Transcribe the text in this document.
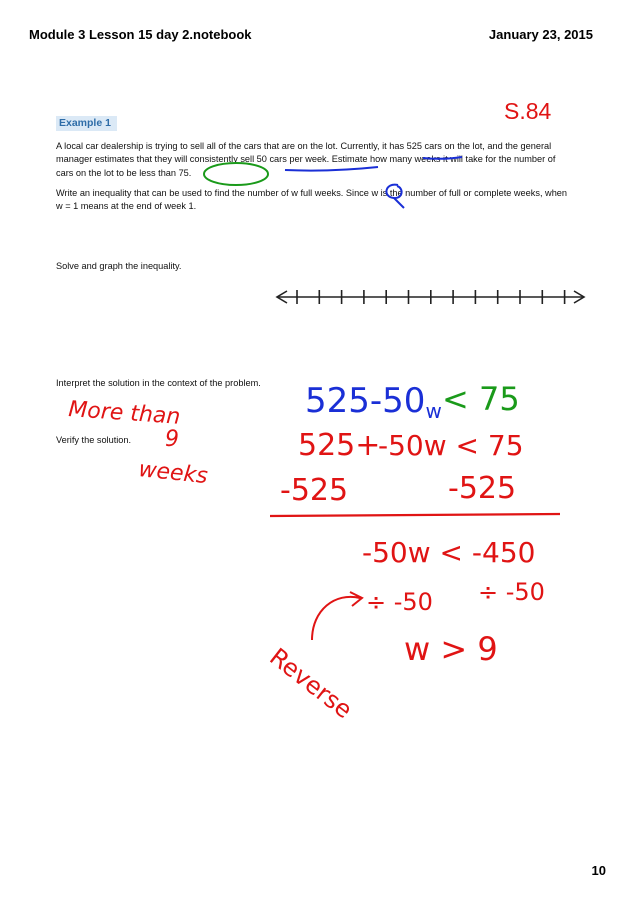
Module 3 Lesson 15 day 2.notebook	January 23, 2015
S.84
Example 1
A local car dealership is trying to sell all of the cars that are on the lot. Currently, it has 525 cars on the lot, and the general manager estimates that they will consistently sell 50 cars per week. Estimate how many weeks it will take for the number of cars on the lot to be less than 75.
Write an inequality that can be used to find the number of w full weeks. Since w is the number of full or complete weeks, when w = 1 means at the end of week 1.
Solve and graph the inequality.
Interpret the solution in the context of the problem.
Verify the solution.
More than
9
weeks
525-50w < 75
525+
-50w < 75
-525	-525
-50w < -450
÷ -50 ÷ -50
w > 9
Reverse
10
